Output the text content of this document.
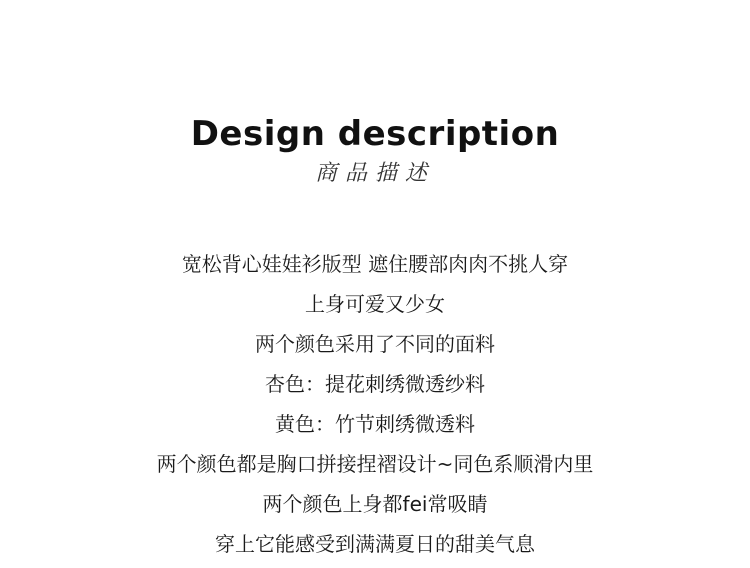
Design description
商品描述
宽松背心娃娃衫版型 遮住腰部肉肉不挑人穿
上身可爱又少女
两个颜色采用了不同的面料
杏色：提花刺绣微透纱料
黄色：竹节刺绣微透料
两个颜色都是胸口拼接捏褶设计~同色系顺滑内里
两个颜色上身都fei常吸睛
穿上它能感受到满满夏日的甜美气息
